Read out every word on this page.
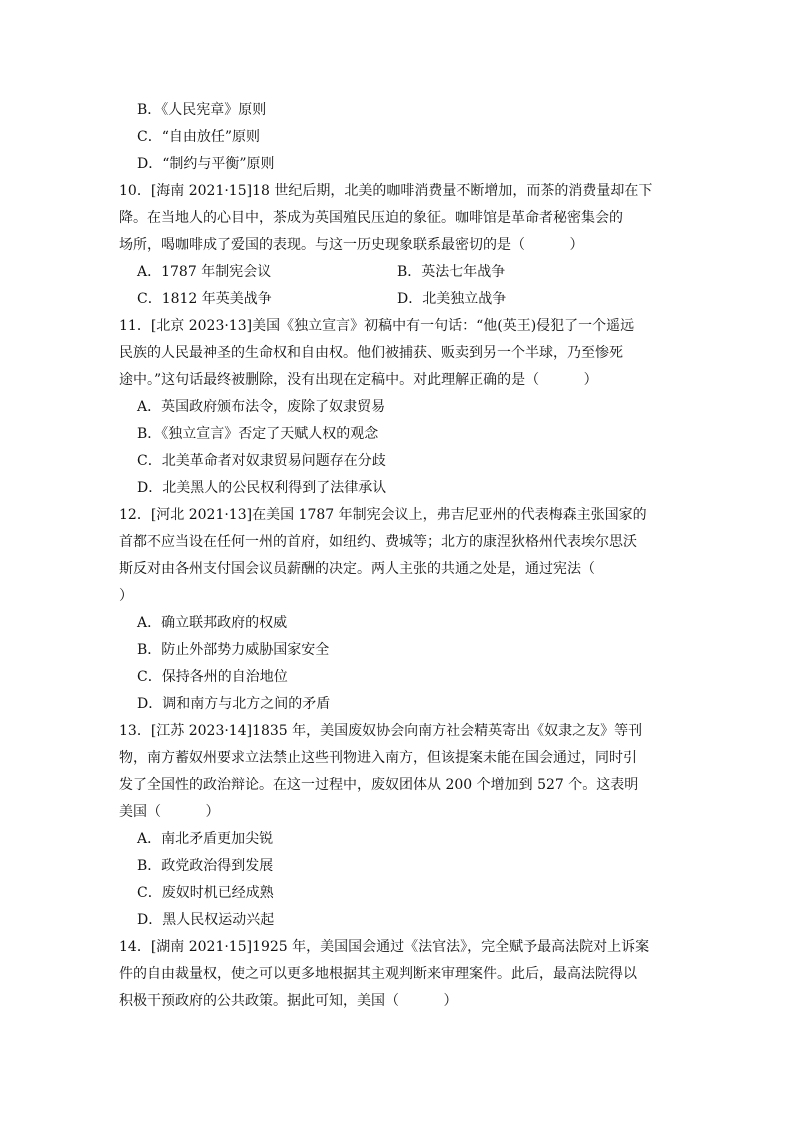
B．《人民宪章》原则
C．“自由放任”原则
D．“制约与平衡”原则
10．[海南 2021·15]18 世纪后期，北美的咖啡消费量不断增加，而茶的消费量却在下
降。在当地人的心目中，茶成为英国殖民压迫的象征。咖啡馆是革命者秘密集会的
场所，喝咖啡成了爱国的表现。与这一历史现象联系最密切的是（          ）
A．1787 年制宪会议	B．英法七年战争
C．1812 年英美战争	D．北美独立战争
11．[北京 2023·13]美国《独立宣言》初稿中有一句话：“他(英王)侵犯了一个遥远
民族的人民最神圣的生命权和自由权。他们被捕获、贩卖到另一个半球，乃至惨死
途中。”这句话最终被删除，没有出现在定稿中。对此理解正确的是（          ）
A．英国政府颁布法令，废除了奴隶贸易
B．《独立宣言》否定了天赋人权的观念
C．北美革命者对奴隶贸易问题存在分歧
D．北美黑人的公民权利得到了法律承认
12．[河北 2021·13]在美国 1787 年制宪会议上，弗吉尼亚州的代表梅森主张国家的
首都不应当设在任何一州的首府，如纽约、费城等；北方的康涅狄格州代表埃尔思沃
斯反对由各州支付国会议员薪酬的决定。两人主张的共通之处是，通过宪法（
）
A．确立联邦政府的权威
B．防止外部势力威胁国家安全
C．保持各州的自治地位
D．调和南方与北方之间的矛盾
13．[江苏 2023·14]1835 年，美国废奴协会向南方社会精英寄出《奴隶之友》等刊
物，南方蓄奴州要求立法禁止这些刊物进入南方，但该提案未能在国会通过，同时引
发了全国性的政治辩论。在这一过程中，废奴团体从 200 个增加到 527 个。这表明
美国（          ）
A．南北矛盾更加尖锐
B．政党政治得到发展
C．废奴时机已经成熟
D．黑人民权运动兴起
14．[湖南 2021·15]1925 年，美国国会通过《法官法》，完全赋予最高法院对上诉案
件的自由裁量权，使之可以更多地根据其主观判断来审理案件。此后，最高法院得以
积极干预政府的公共政策。据此可知，美国（          ）
